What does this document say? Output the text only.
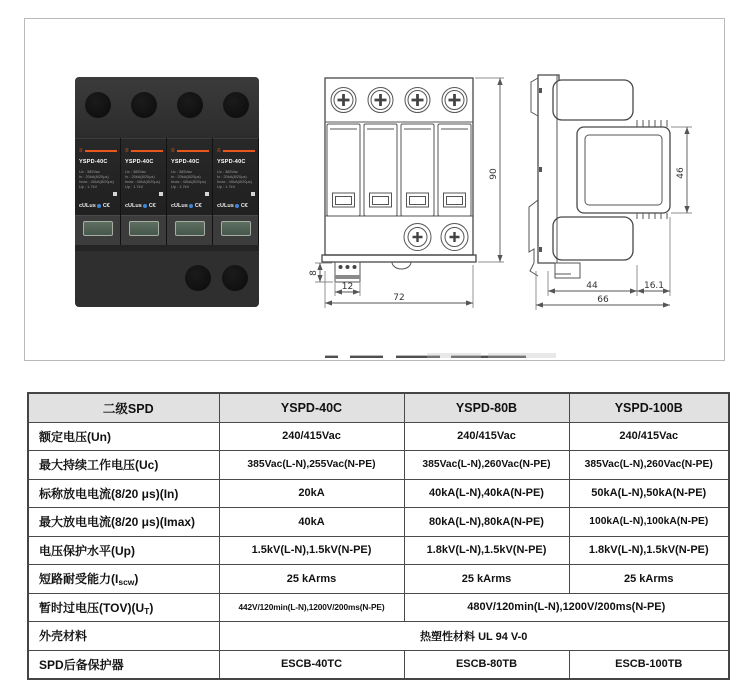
≡
YSPD-40C
Uc : 385Vac
In : 20kA(8/20μs)
Imax : 40kA(8/20μs)
Up : 1.7kV
cULus C€
≡
YSPD-40C
Uc : 385Vac
In : 20kA(8/20μs)
Imax : 40kA(8/20μs)
Up : 1.7kV
cULus C€
≡
YSPD-40C
Uc : 385Vac
In : 20kA(8/20μs)
Imax : 40kA(8/20μs)
Up : 1.7kV
cULus C€
≡
YSPD-40C
Uc : 385Vac
In : 20kA(8/20μs)
Imax : 40kA(8/20μs)
Up : 1.7kV
cULus C€
90
72
12
8
46
44	16.1
66
二级SPD	YSPD-40C	YSPD-80B	YSPD-100B
额定电压(Un)	240/415Vac	240/415Vac	240/415Vac
最大持续工作电压(Uc)	385Vac(L-N),255Vac(N-PE)	385Vac(L-N),260Vac(N-PE)	385Vac(L-N),260Vac(N-PE)
标称放电电流(8/20 μs)(In)	20kA	40kA(L-N),40kA(N-PE)	50kA(L-N),50kA(N-PE)
最大放电电流(8/20 μs)(Imax)	40kA	80kA(L-N),80kA(N-PE)	100kA(L-N),100kA(N-PE)
电压保护水平(Up)	1.5kV(L-N),1.5kV(N-PE)	1.8kV(L-N),1.5kV(N-PE)	1.8kV(L-N),1.5kV(N-PE)
短路耐受能力$(I_{scw})$	25 kArms	25 kArms	25 kArms
暂时过电压$(TOV)(U_T)$	442V/120min(L-N),1200V/200ms(N-PE)	480V/120min(L-N),1200V/200ms(N-PE)	
外壳材料	热塑性材料 UL 94 V-0		
SPD后备保护器	ESCB-40TC	ESCB-80TB	ESCB-100TB
